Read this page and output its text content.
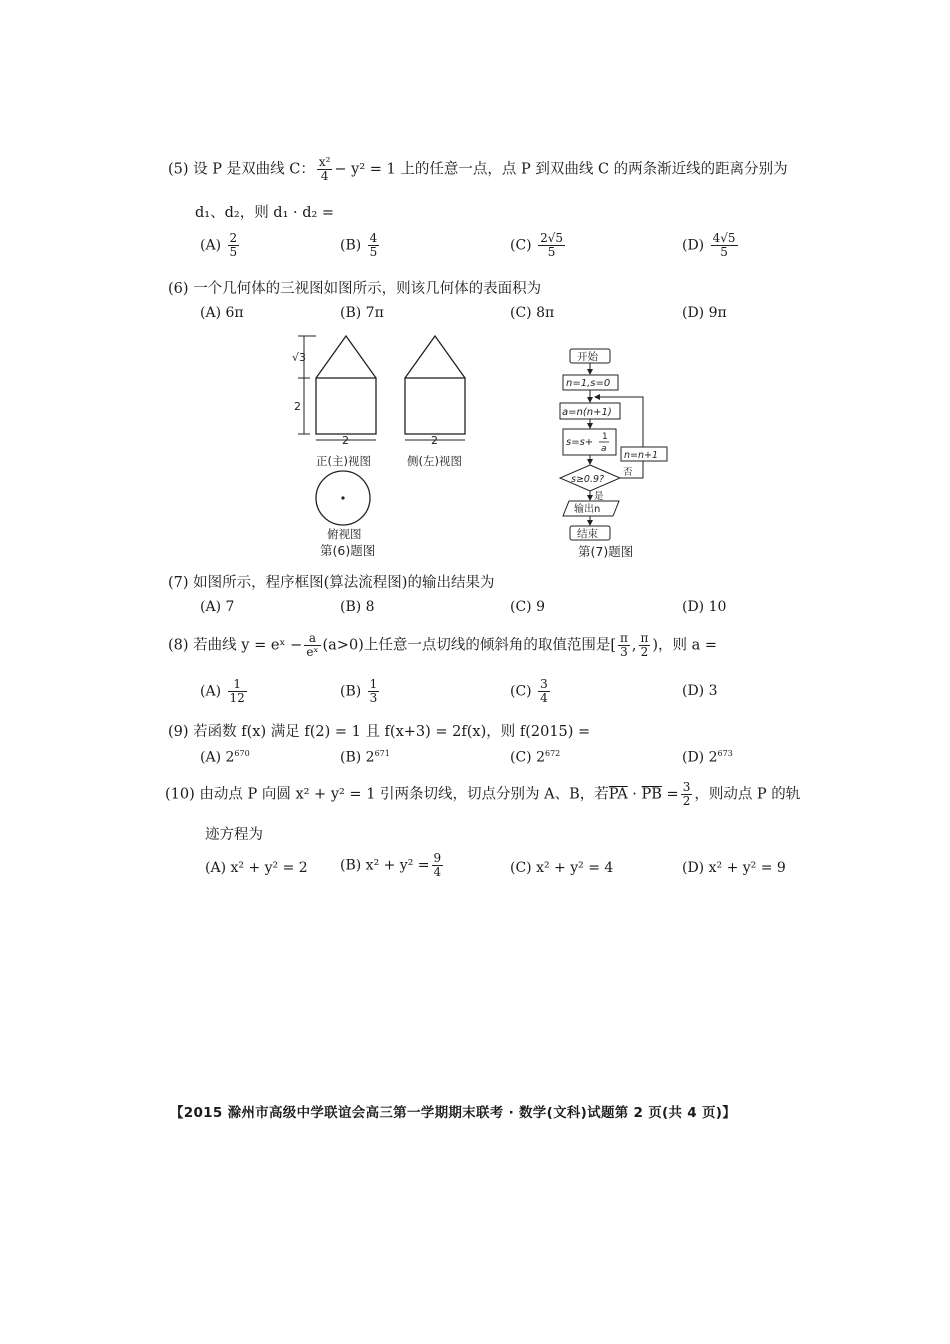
(5) 设 P 是双曲线 C： $\frac{\text{x²}}{4} - y^2 = 1$ 上的任意一点，点 P 到双曲线 C 的两条渐近线的距离分别为
d₁、d₂，则 d₁ · d₂ =
$(A) \frac{2}{5}$	$(B) \frac{4}{5}$	$(C) \frac{2√5}{5}$	$(D) \frac{4√5}{5}$
(6) 一个几何体的三视图如图所示，则该几何体的表面积为
(A) 6π	(B) 7π	(C) 8π	(D) 9π
√3
2
2	2
正(主)视图	侧(左)视图
俯视图
第(6)题图
开始
n=1,s=0
a=n(n+1)
s=s+ 1
a
s≥0.9?
是
否
n=n+1
输出n
结束
第(7)题图
(7) 如图所示，程序框图(算法流程图)的输出结果为
(A) 7	(B) 8	(C) 9	(D) 10
(8) 若曲线 y = eˣ − $\frac{a}{\text{eˣ}} (a>0)$上任意一点切线的倾斜角的取值范围是[ $\frac{\pi}{3}$ , $\frac{\pi}{2}$ )，则 a =
$(A) \frac{1}{12}$	$(B) \frac{1}{3}$	$(C) \frac{3}{4}$	(D) 3
(9) 若函数 f(x) 满足 f(2) = 1 且 f(x+3) = 2f(x)，则 f(2015) =
(A) $2^{670}$	(B) $2^{671}$	(C) $2^{672}$	(D) $2^{673}$
(10) 由动点 P 向圆 x² + y² = 1 引两条切线，切点分别为 A、B，若$\overline{PA} \cdot \overline{PB} = \frac{3}{2}$ ，则动点 P 的轨
迹方程为
(A) x² + y² = 2 (B) $x^2 + y^2 = \frac{9}{4}$	(C) x² + y² = 4	(D) x² + y² = 9
【2015 滁州市高级中学联谊会高三第一学期期末联考 · 数学(文科)试题第 2 页(共 4 页)】
